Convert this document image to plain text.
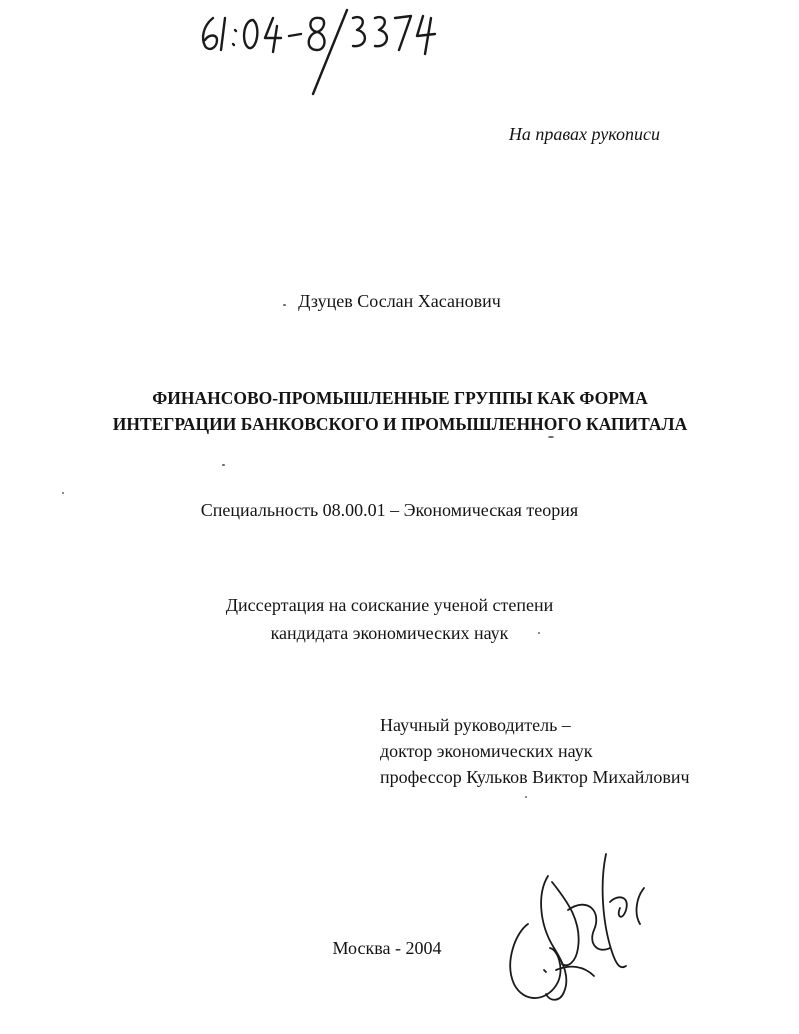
На правах рукописи
Дзуцев Сослан Хасанович
ФИНАНСОВО-ПРОМЫШЛЕННЫЕ ГРУППЫ КАК ФОРМА
ИНТЕГРАЦИИ БАНКОВСКОГО И ПРОМЫШЛЕННОГО КАПИТАЛА
Специальность 08.00.01 – Экономическая теория
Диссертация на соискание ученой степени
кандидата экономических наук
Научный руководитель –
доктор экономических наук
профессор Кульков Виктор Михайлович
Москва - 2004
